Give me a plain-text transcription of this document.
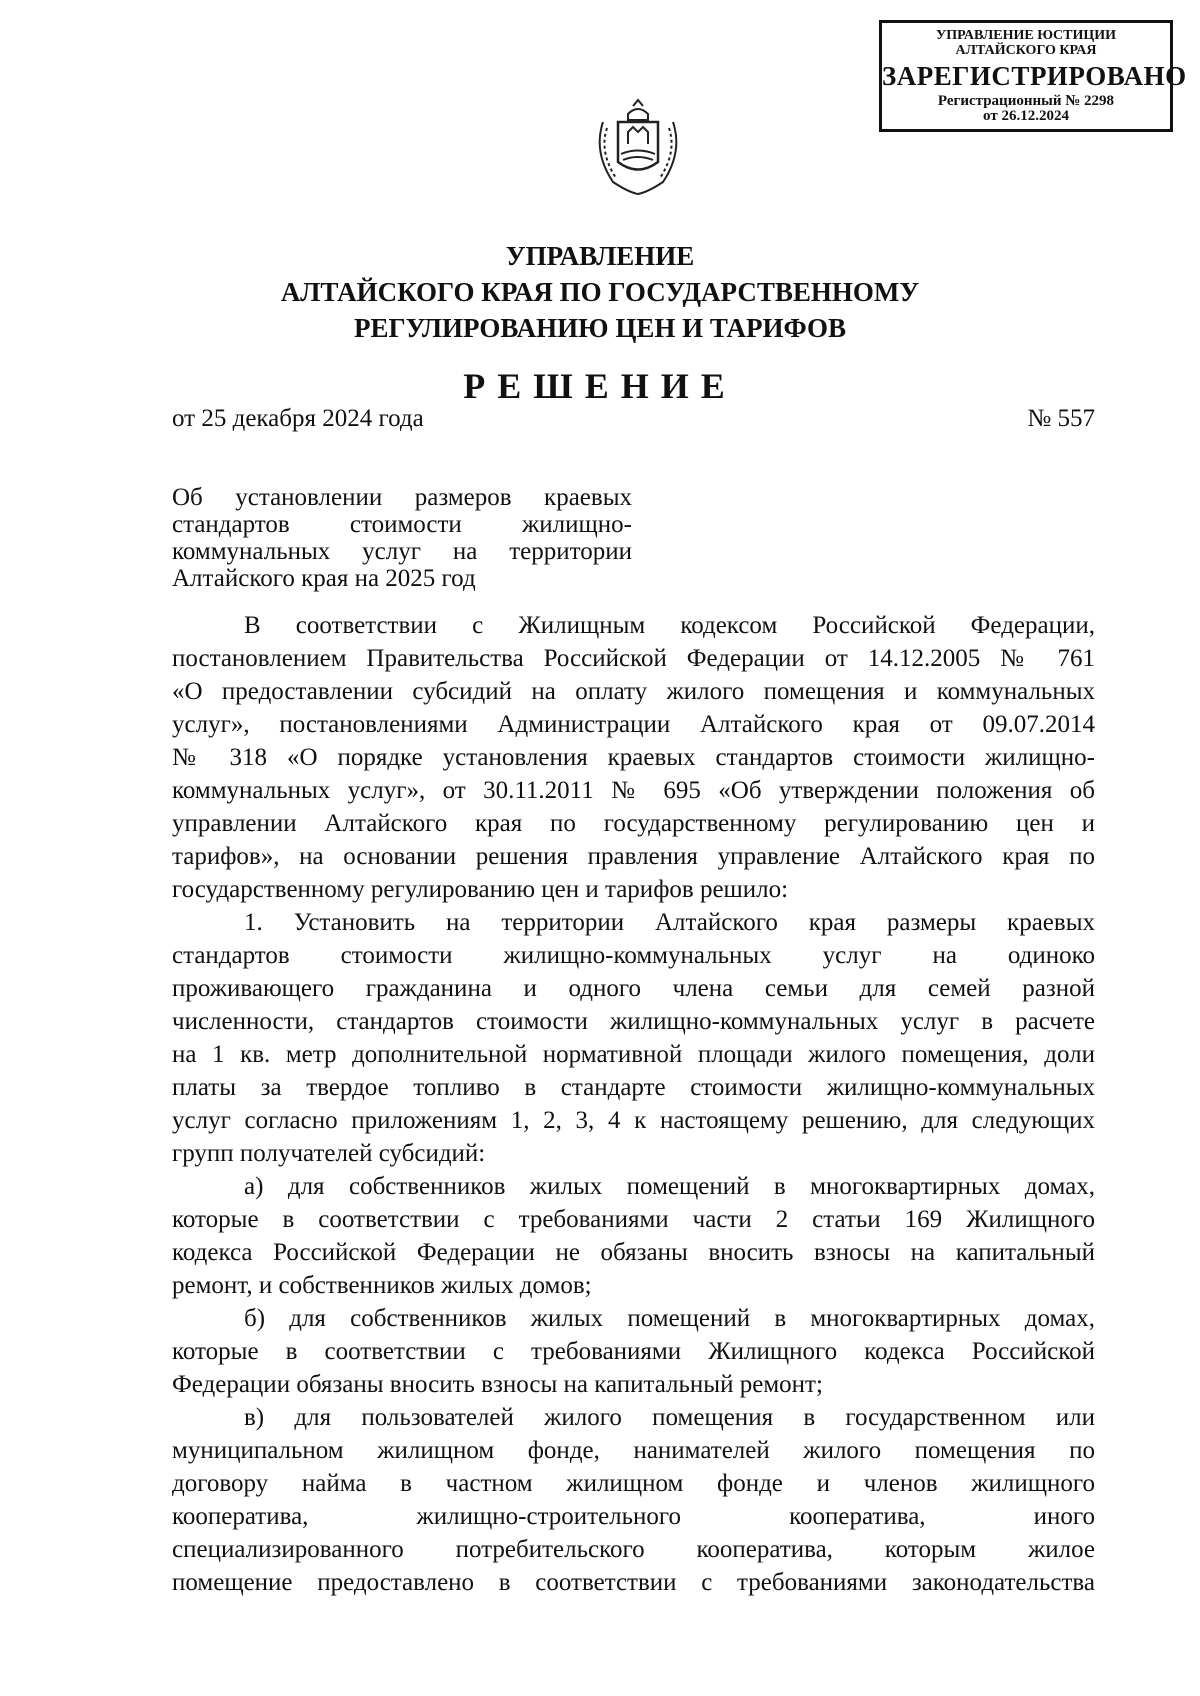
УПРАВЛЕНИЕ ЮСТИЦИИ
АЛТАЙСКОГО КРАЯ
ЗАРЕГИСТРИРОВАНО
Регистрационный № 2298
от 26.12.2024
УПРАВЛЕНИЕ
АЛТАЙСКОГО КРАЯ ПО ГОСУДАРСТВЕННОМУ
РЕГУЛИРОВАНИЮ ЦЕН И ТАРИФОВ
РЕШЕНИЕ
от 25 декабря 2024 года	№ 557
Об установлении размеров краевых
стандартов стоимости жилищно-
коммунальных услуг на территории
Алтайского края на 2025 год
В соответствии с Жилищным кодексом Российской Федерации,
постановлением Правительства Российской Федерации от 14.12.2005 № 761
«О предоставлении субсидий на оплату жилого помещения и коммунальных
услуг», постановлениями Администрации Алтайского края от 09.07.2014
№ 318 «О порядке установления краевых стандартов стоимости жилищно-
коммунальных услуг», от 30.11.2011 № 695 «Об утверждении положения об
управлении Алтайского края по государственному регулированию цен и
тарифов», на основании решения правления управление Алтайского края по
государственному регулированию цен и тарифов решило:
1. Установить на территории Алтайского края размеры краевых
стандартов стоимости жилищно-коммунальных услуг на одиноко
проживающего гражданина и одного члена семьи для семей разной
численности, стандартов стоимости жилищно-коммунальных услуг в расчете
на 1 кв. метр дополнительной нормативной площади жилого помещения, доли
платы за твердое топливо в стандарте стоимости жилищно-коммунальных
услуг согласно приложениям 1, 2, 3, 4 к настоящему решению, для следующих
групп получателей субсидий:
а) для собственников жилых помещений в многоквартирных домах,
которые в соответствии с требованиями части 2 статьи 169 Жилищного
кодекса Российской Федерации не обязаны вносить взносы на капитальный
ремонт, и собственников жилых домов;
б) для собственников жилых помещений в многоквартирных домах,
которые в соответствии с требованиями Жилищного кодекса Российской
Федерации обязаны вносить взносы на капитальный ремонт;
в) для пользователей жилого помещения в государственном или
муниципальном жилищном фонде, нанимателей жилого помещения по
договору найма в частном жилищном фонде и членов жилищного
кооператива, жилищно-строительного кооператива, иного
специализированного потребительского кооператива, которым жилое
помещение предоставлено в соответствии с требованиями законодательства
